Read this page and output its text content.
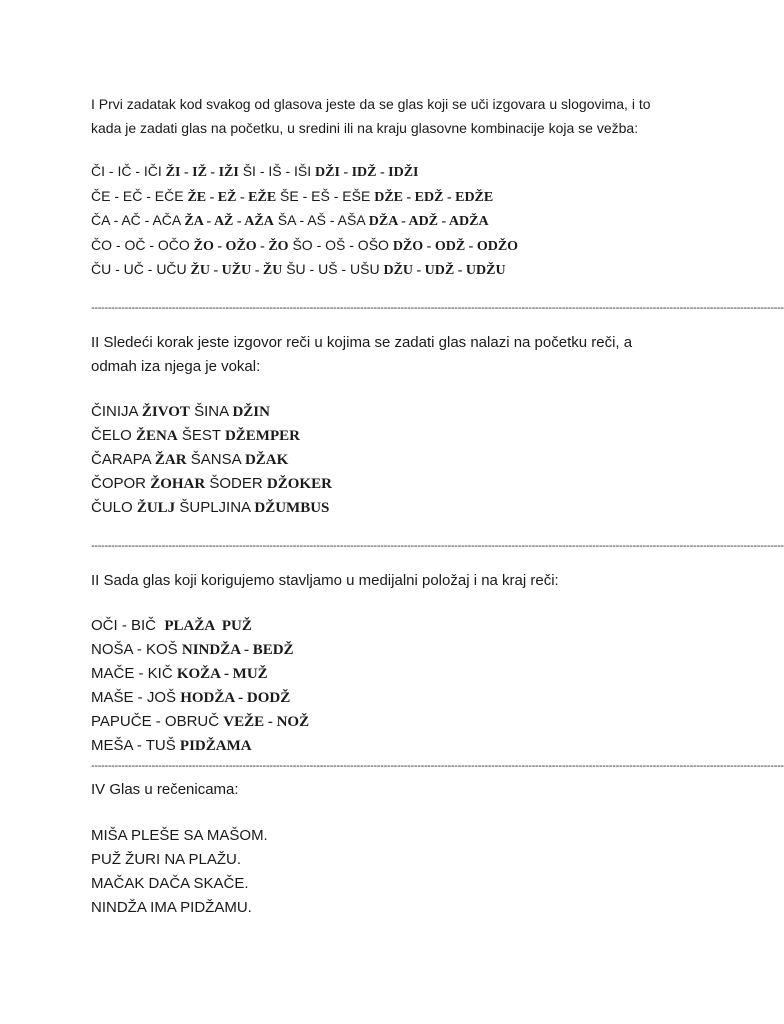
I Prvi zadatak kod svakog od glasova jeste da se glas koji se uči izgovara u slogovima, i to kada je zadati glas na početku, u sredini ili na kraju glasovne kombinacije koja se vežba:
ČI - IČ - IČI ŽI - IŽ - IŽI ŠI - IŠ - IŠI DŽI - IDŽ - IDŽI
ČE - EČ - EČE ŽE - EŽ - EŽE ŠE - EŠ - EŠE DŽE - EDŽ - EDŽE
ČA - AČ - AČA ŽA - AŽ - AŽA ŠA - AŠ - AŠA DŽA - ADŽ - ADŽA
ČO - OČ - OČO ŽO - OŽO - ŽO ŠO - OŠ - OŠO DŽO - ODŽ - ODŽO
ČU - UČ - UČU ŽU - UŽU - ŽU ŠU - UŠ - UŠU DŽU - UDŽ - UDŽU
--------------------------------------------------------------------------------------------------------------------------------------------------------------------------------------------------------------
II Sledeći korak jeste izgovor reči u kojima se zadati glas nalazi na početku reči, a odmah iza njega je vokal:
ČINIJA ŽIVOT ŠINA DŽIN
ČELO ŽENA ŠEST DŽEMPER
ČARAPA ŽAR ŠANSA DŽAK
ČOPOR ŽOHAR ŠODER DŽOKER
ČULO ŽULJ ŠUPLJINA DŽUMBUS
--------------------------------------------------------------------------------------------------------------------------------------------------------------------------------------------------------------
II Sada glas koji korigujemo stavljamo u medijalni položaj i na kraj reči:
OČI - BIČ  PLAŽA  PUŽ
NOŠA - KOŠ NINDŽA - BEDŽ
MAČE - KIČ KOŽA - MUŽ
MAŠE - JOŠ HODŽA - DODŽ
PAPUČE - OBRUČ VEŽE - NOŽ
MEŠA - TUŠ PIDŽAMA
--------------------------------------------------------------------------------------------------------------------------------------------------------------------------------------------------------------
IV Glas u rečenicama:
MIŠA PLEŠE SA MAŠOM.
PUŽ ŽURI NA PLAŽU.
MAČAK DAČA SKAČE.
NINDŽA IMA PIDŽAMU.
